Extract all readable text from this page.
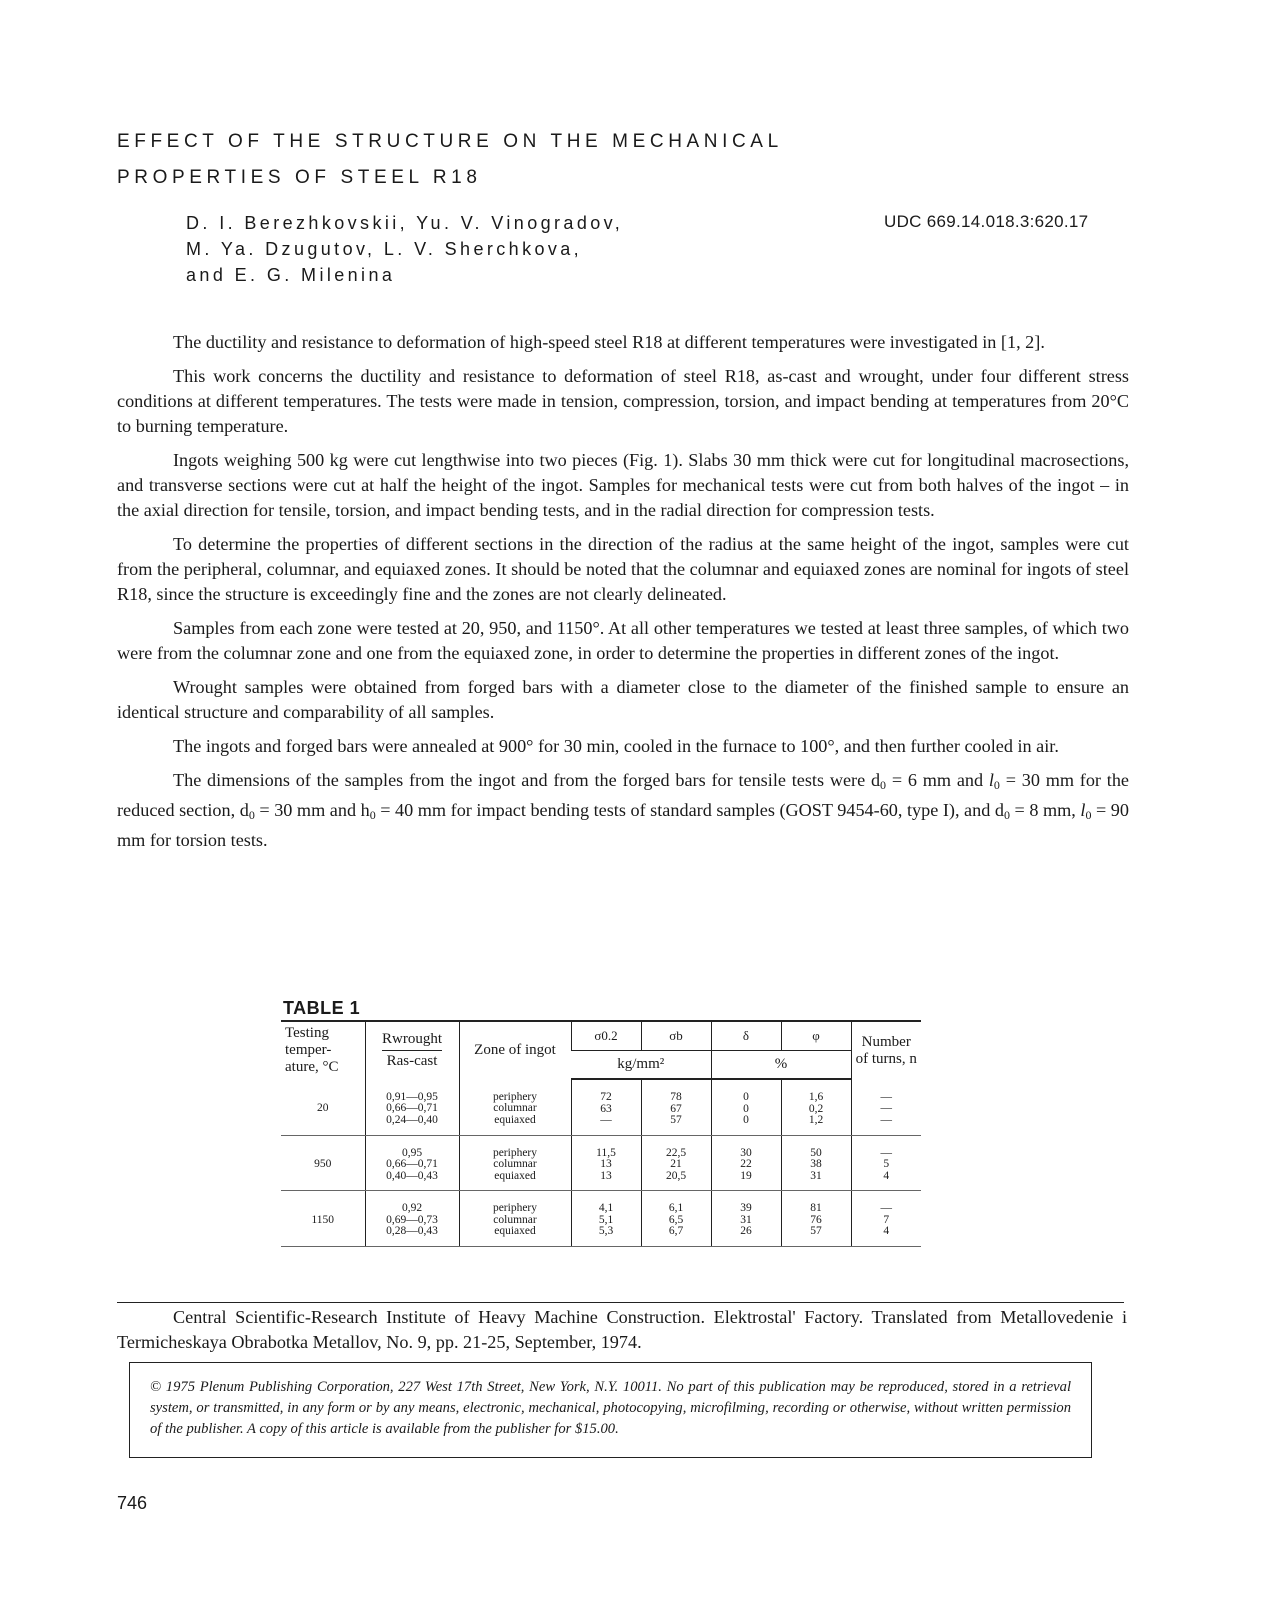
EFFECT OF THE STRUCTURE ON THE MECHANICAL
PROPERTIES OF STEEL R18
D. I. Berezhkovskii, Yu. V. Vinogradov,
M. Ya. Dzugutov, L. V. Sherchkova,
and E. G. Milenina
UDC 669.14.018.3:620.17

The ductility and resistance to deformation of high-speed steel R18 at different temperatures were investigated in [1, 2].

This work concerns the ductility and resistance to deformation of steel R18, as-cast and wrought, under four different stress conditions at different temperatures. The tests were made in tension, compression, torsion, and impact bending at temperatures from 20°C to burning temperature.

Ingots weighing 500 kg were cut lengthwise into two pieces (Fig. 1). Slabs 30 mm thick were cut for longitudinal macrosections, and transverse sections were cut at half the height of the ingot. Samples for mechanical tests were cut from both halves of the ingot – in the axial direction for tensile, torsion, and impact bending tests, and in the radial direction for compression tests.

To determine the properties of different sections in the direction of the radius at the same height of the ingot, samples were cut from the peripheral, columnar, and equiaxed zones. It should be noted that the columnar and equiaxed zones are nominal for ingots of steel R18, since the structure is exceedingly fine and the zones are not clearly delineated.

Samples from each zone were tested at 20, 950, and 1150°. At all other temperatures we tested at least three samples, of which two were from the columnar zone and one from the equiaxed zone, in order to determine the properties in different zones of the ingot.

Wrought samples were obtained from forged bars with a diameter close to the diameter of the finished sample to ensure an identical structure and comparability of all samples.

The ingots and forged bars were annealed at 900° for 30 min, cooled in the furnace to 100°, and then further cooled in air.

The dimensions of the samples from the ingot and from the forged bars for tensile tests were $d_0 = 6$ mm and $l_0 = 30$ mm for the reduced section, $d_0 = 30$ mm and $h_0 = 40$ mm for impact bending tests of standard samples (GOST 9454-60, type I), and $d_0 = 8$ mm, $l_0 = 90$ mm for torsion tests.

TABLE 1
Testing temper-ature, °C	$\frac{\text{Rwrought}}{\text{Ras-cast}}$	Zone of ingot	σ0.2	σb	δ	φ	Number of turns, n
			kg/mm²		%		
20	0,91—0,95
0,66—0,71
0,24—0,40	periphery
columnar
equiaxed	72
63
—	78
67
57	0
0
0	1,6
0,2
1,2	—
—
—
950	0,95
0,66—0,71
0,40—0,43	periphery
columnar
equiaxed	11,5
13
13	22,5
21
20,5	30
22
19	50
38
31	—
5
4
1150	0,92
0,69—0,73
0,28—0,43	periphery
columnar
equiaxed	4,1
5,1
5,3	6,1
6,5
6,7	39
31
26	81
76
57	—
7
4

Central Scientific-Research Institute of Heavy Machine Construction. Elektrostal' Factory. Translated from Metallovedenie i Termicheskaya Obrabotka Metallov, No. 9, pp. 21-25, September, 1974.

© 1975 Plenum Publishing Corporation, 227 West 17th Street, New York, N.Y. 10011. No part of this publication may be reproduced, stored in a retrieval system, or transmitted, in any form or by any means, electronic, mechanical, photocopying, microfilming, recording or otherwise, without written permission of the publisher. A copy of this article is available from the publisher for $15.00.
746
